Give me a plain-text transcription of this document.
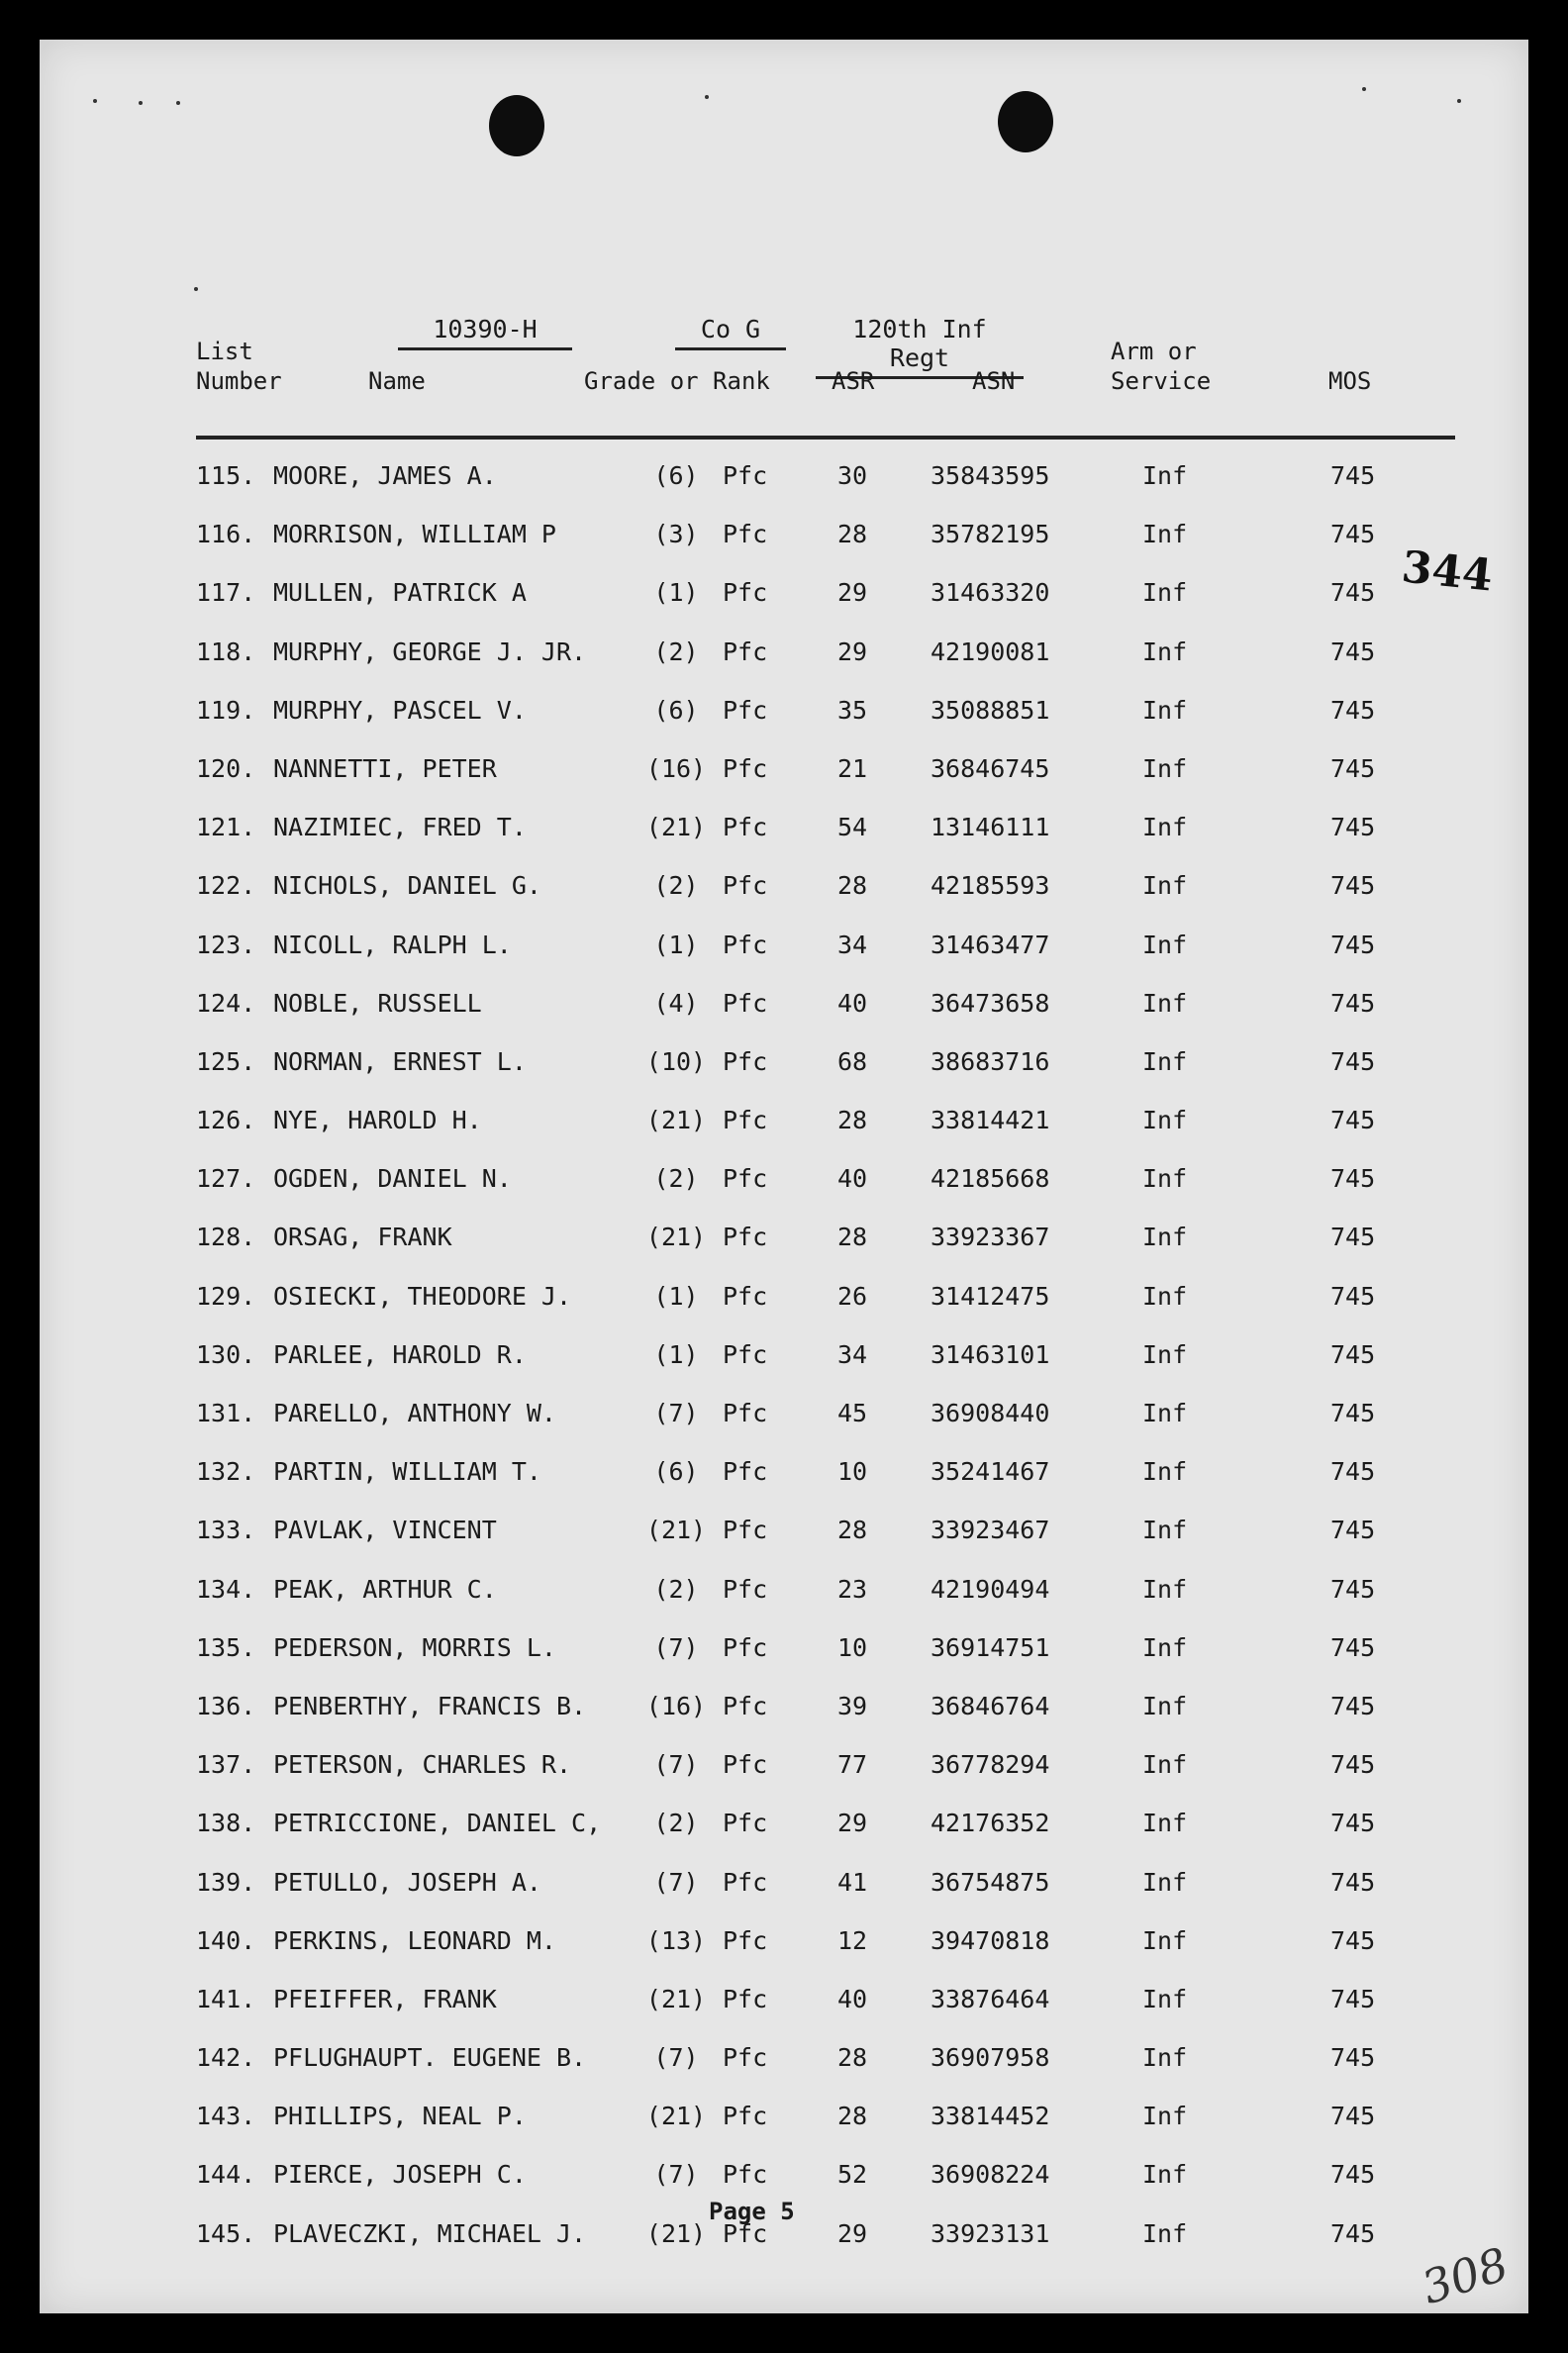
10390-H	Co G	120th Inf Regt
List
Number	Name	Grade or Rank	ASR	ASN
Arm or
Service	MOS
115. MOORE, JAMES A.	(6) Pfc	30	35843595	Inf	745
116. MORRISON, WILLIAM P	(3) Pfc	28	35782195	Inf	745
117. MULLEN, PATRICK A	(1) Pfc	29	31463320	Inf	745
118. MURPHY, GEORGE J. JR.	(2) Pfc	29	42190081	Inf	745
119. MURPHY, PASCEL V.	(6) Pfc	35	35088851	Inf	745
120. NANNETTI, PETER	(16) Pfc	21	36846745	Inf	745
121. NAZIMIEC, FRED T.	(21) Pfc	54	13146111	Inf	745
122. NICHOLS, DANIEL G.	(2) Pfc	28	42185593	Inf	745
123. NICOLL, RALPH L.	(1) Pfc	34	31463477	Inf	745
124. NOBLE, RUSSELL	(4) Pfc	40	36473658	Inf	745
125. NORMAN, ERNEST L.	(10) Pfc	68	38683716	Inf	745
126. NYE, HAROLD H.	(21) Pfc	28	33814421	Inf	745
127. OGDEN, DANIEL N.	(2) Pfc	40	42185668	Inf	745
128. ORSAG, FRANK	(21) Pfc	28	33923367	Inf	745
129. OSIECKI, THEODORE J.	(1) Pfc	26	31412475	Inf	745
130. PARLEE, HAROLD R.	(1) Pfc	34	31463101	Inf	745
131. PARELLO, ANTHONY W.	(7) Pfc	45	36908440	Inf	745
132. PARTIN, WILLIAM T.	(6) Pfc	10	35241467	Inf	745
133. PAVLAK, VINCENT	(21) Pfc	28	33923467	Inf	745
134. PEAK, ARTHUR C.	(2) Pfc	23	42190494	Inf	745
135. PEDERSON, MORRIS L.	(7) Pfc	10	36914751	Inf	745
136. PENBERTHY, FRANCIS B. (16) Pfc	39	36846764	Inf	745
137. PETERSON, CHARLES R.	(7) Pfc	77	36778294	Inf	745
138. PETRICCIONE, DANIEL C,	(2) Pfc	29	42176352	Inf	745
139. PETULLO, JOSEPH A.	(7) Pfc	41	36754875	Inf	745
140. PERKINS, LEONARD M.	(13) Pfc	12	39470818	Inf	745
141. PFEIFFER, FRANK	(21) Pfc	40	33876464	Inf	745
142. PFLUGHAUPT. EUGENE B.	(7) Pfc	28	36907958	Inf	745
143. PHILLIPS, NEAL P.	(21) Pfc	28	33814452	Inf	745
144. PIERCE, JOSEPH C.	(7) Pfc	52	36908224	Inf	745
145. PLAVECZKI, MICHAEL J. (21) Pfc	29	33923131	Inf	745
344
Page 5
308
